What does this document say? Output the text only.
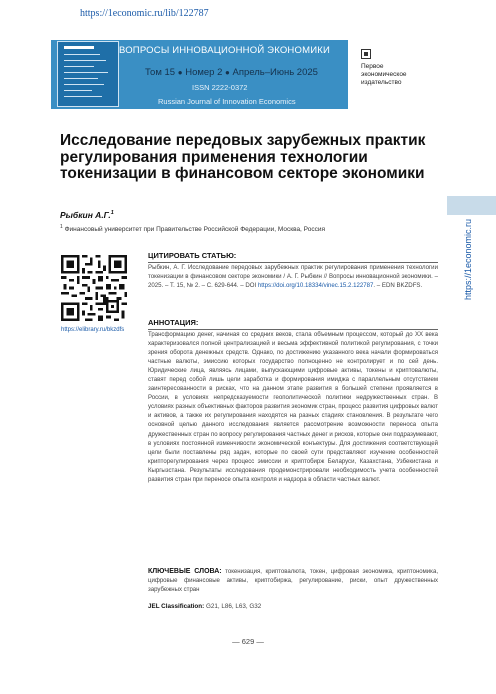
https://1economic.ru/lib/122787
ВОПРОСЫ ИННОВАЦИОННОЙ ЭКОНОМИКИ
Том 15 ● Номер 2 ● Апрель–Июнь 2025
ISSN 2222-0372
Russian Journal of Innovation Economics
Первое
экономическое
издательство
https://1economic.ru
Исследование передовых зарубежных практик регулирования применения технологии токенизации в финансовом секторе экономики
Рыбкин А.Г.$^1$
$^1$ Финансовый университет при Правительстве Российской Федерации, Москва, Россия
https://elibrary.ru/bkzdfs
ЦИТИРОВАТЬ СТАТЬЮ:
Рыбкин, А. Г. Исследование передовых зарубежных практик регулирования применения технологии токенизации в финансовом секторе экономики / А. Г. Рыбкин // Вопросы инновационной экономики. – 2025. – Т. 15, № 2. – С. 629-644. – DOI https://doi.org/10.18334/vinec.15.2.122787. – EDN BKZDFS.
АННОТАЦИЯ:
Трансформацию денег, начиная со средних веков, стала объемным процессом, который до XX века характеризовался полной централизацией и весьма эффективной политикой регулирования, с точки зрения оборота денежных средств. Однако, по достижению указанного века начали формироваться частные валюты, эмиссию которых государство полноценно не контролирует и по сей день. Юридические лица, являясь лицами, выпускающими цифровые активы, токены и криптовалюты, ставят перед собой лишь цели заработка и формирования имиджа с параллельным отсутствием заинтересованности в рисках, что на данном этапе развития в большей степени проявляется в России, в условиях непредсказуемости геополитической политики недружественных стран. В условиях разных объективных факторов развития экономик стран, процесс развития цифровых валют и активов, а также их регулирования находятся на разных стадиях становления. В результате чего основной целью данного исследования является рассмотрение возможности переноса опыта дружественных стран по вопросу регулирования частных денег и рисков, которые они подразумевают, в условиях постоянной изменчивости экономической конъектуры. Для достижения соответствующей цели были поставлены ряд задач, которые по своей сути представляют изучение особенностей крипторегулирования через процесс эмиссии и криптобирж Беларуси, Казахстана, Узбекистана и Кыргызстана. Результаты исследования продемонстрировали необходимость учета особенностей развития стран при переносе опыта контроля и надзора в области частных валют.
КЛЮЧЕВЫЕ СЛОВА: токенизация, криптовалюта, токен, цифровая экономика, криптономика, цифровые финансовые активы, криптобиржа, регулирование, риски, опыт дружественных зарубежных стран
JEL Classification: G21, L86, L63, G32
— 629 —
